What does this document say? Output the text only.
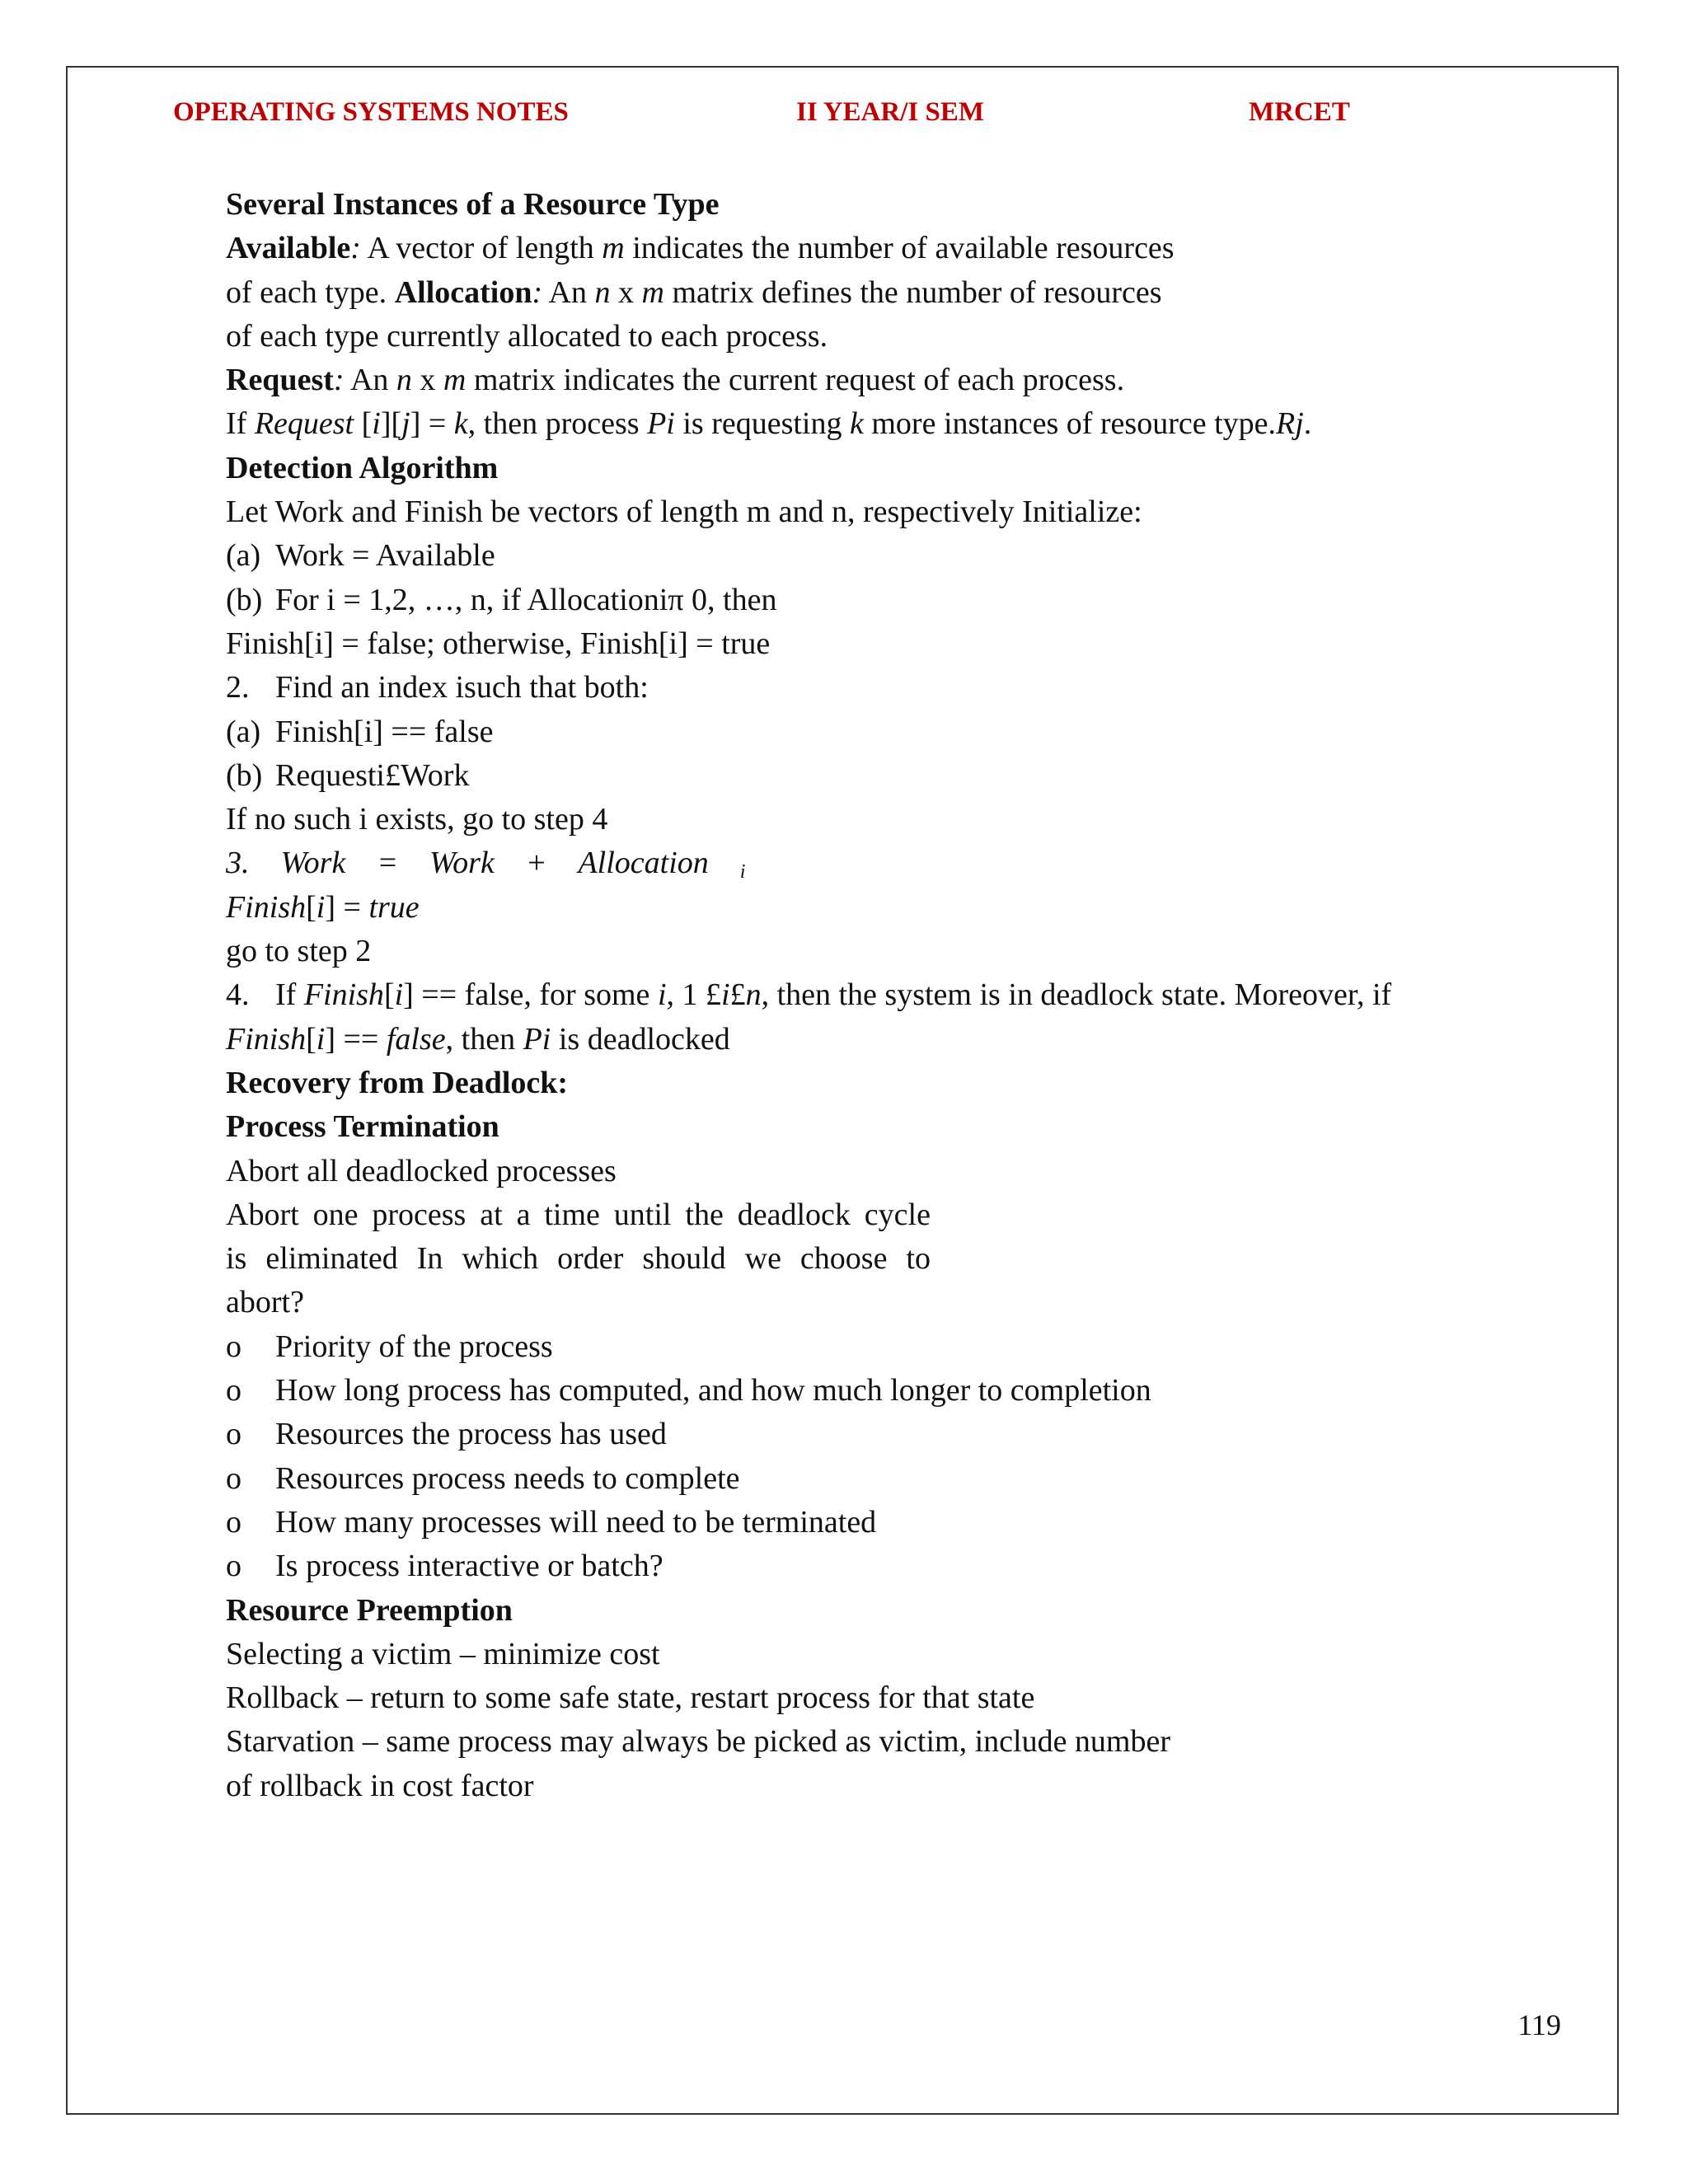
OPERATING SYSTEMS NOTES	II YEAR/I SEM	MRCET
Several Instances of a Resource Type
Available: A vector of length m indicates the number of available resources
of each type. Allocation: An n x m matrix defines the number of resources
of each type currently allocated to each process.
Request: An n x m matrix indicates the current request of each process.
If Request [i][j] = k, then process Pi is requesting k more instances of resource type.Rj.
Detection Algorithm
Let Work and Finish be vectors of length m and n, respectively Initialize:
(a) Work = Available
(b) For i = 1,2, …, n, if Allocationiπ 0, then
Finish[i] = false; otherwise, Finish[i] = true
2. Find an index isuch that both:
(a) Finish[i] == false
(b) Requesti£Work
If no such i exists, go to step 4
3. Work = Work + Allocation i
Finish[i] = true
go to step 2
4. If Finish[i] == false, for some i, 1 £i£n, then the system is in deadlock state. Moreover, if
Finish[i] == false, then Pi is deadlocked
Recovery from Deadlock:
Process Termination
Abort all deadlocked processes
Abort one process at a time until the deadlock cycle
is eliminated In which order should we choose to
abort?
o Priority of the process
o How long process has computed, and how much longer to completion
o Resources the process has used
o Resources process needs to complete
o How many processes will need to be terminated
o Is process interactive or batch?
Resource Preemption
Selecting a victim – minimize cost
Rollback – return to some safe state, restart process for that state
Starvation – same process may always be picked as victim, include number
of rollback in cost factor
119
